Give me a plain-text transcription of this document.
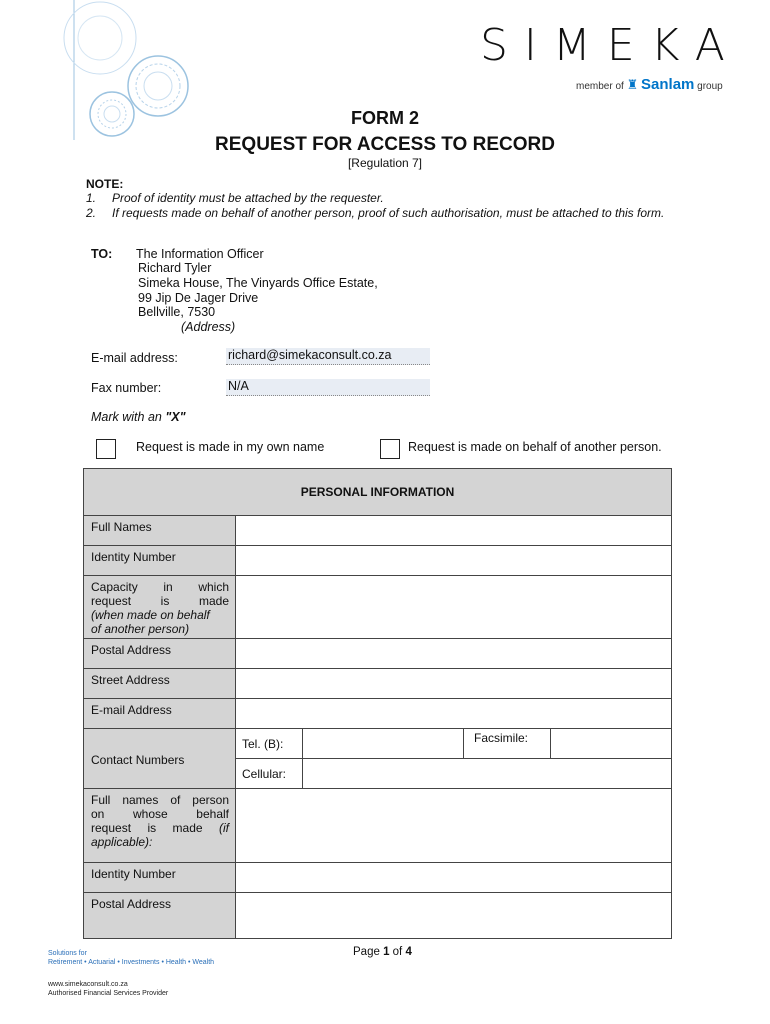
SIMEKA
member of ♜ Sanlam group
FORM 2
REQUEST FOR ACCESS TO RECORD
[Regulation 7]
NOTE:
1. Proof of identity must be attached by the requester.
2. If requests made on behalf of another person, proof of such authorisation, must be attached to this form.
TO: The Information Officer
Richard Tyler
Simeka House, The Vinyards Office Estate,
99 Jip De Jager Drive
Bellville, 7530
(Address)
E-mail address:	richard@simekaconsult.co.za
Fax number:	N/A
Mark with an "X"
Request is made in my own name	Request is made on behalf of another person.
PERSONAL INFORMATION				
Full Names				
Identity Number				

Capacity in which
request is made
(when made on behalf
of another person)				

Postal Address				
Street Address				
E-mail Address				
Contact Numbers	Tel. (B):		Facsimile:	
	Cellular:			

Full names of person
on whose behalf
request is made (if
applicable):				

Identity Number				
Postal Address				
Solutions for
Retirement • Actuarial • Investments • Health • Wealth
Page 1 of 4
www.simekaconsult.co.za
Authorised Financial Services Provider
